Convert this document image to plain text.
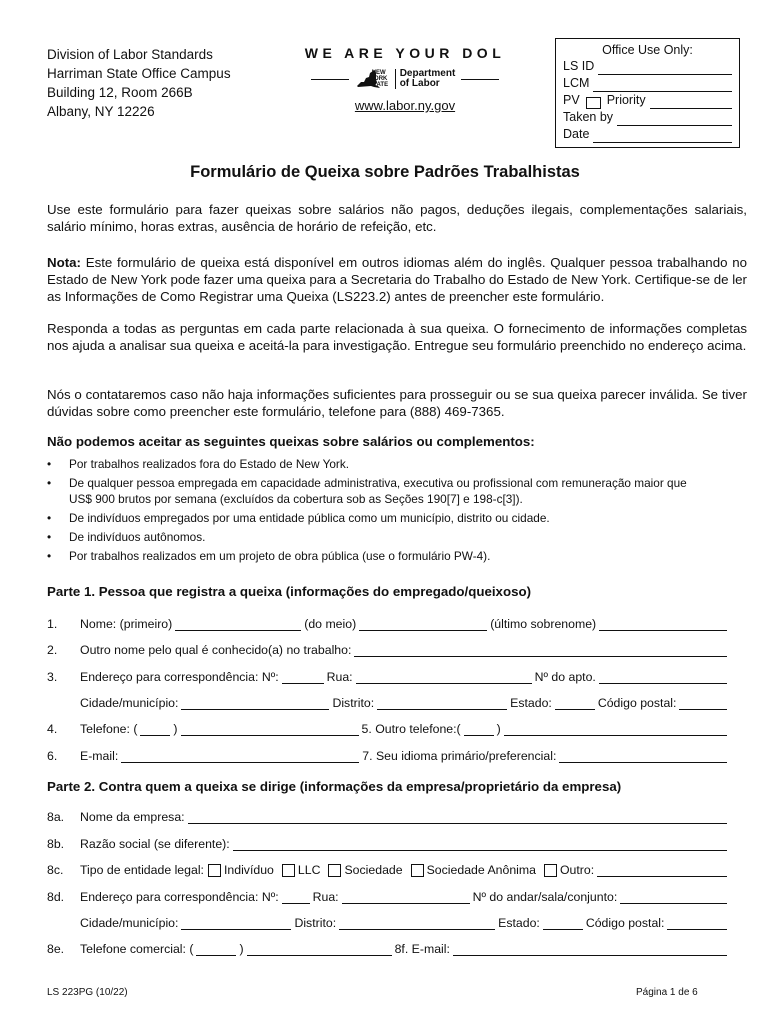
Division of Labor Standards
Harriman State Office Campus
Building 12, Room 266B
Albany, NY 12226
WE ARE YOUR DOL
NEW YORK STATE
Department
of Labor
www.labor.ny.gov
Office Use Only:
LS ID
LCM
PV Priority
Taken by
Date
Formulário de Queixa sobre Padrões Trabalhistas
Use este formulário para fazer queixas sobre salários não pagos, deduções ilegais, complementações salariais, salário mínimo, horas extras, ausência de horário de refeição, etc.
Nota: Este formulário de queixa está disponível em outros idiomas além do inglês. Qualquer pessoa trabalhando no Estado de New York pode fazer uma queixa para a Secretaria do Trabalho do Estado de New York. Certifique-se de ler as Informações de Como Registrar uma Queixa (LS223.2) antes de preencher este formulário.
Responda a todas as perguntas em cada parte relacionada à sua queixa. O fornecimento de informações completas nos ajuda a analisar sua queixa e aceitá-la para investigação. Entregue seu formulário preenchido no endereço acima.
Nós o contataremos caso não haja informações suficientes para prosseguir ou se sua queixa parecer inválida. Se tiver dúvidas sobre como preencher este formulário, telefone para (888) 469-7365.
Não podemos aceitar as seguintes queixas sobre salários ou complementos:
•	Por trabalhos realizados fora do Estado de New York.
•	De qualquer pessoa empregada em capacidade administrativa, executiva ou profissional com remuneração maior que US$ 900 brutos por semana (excluídos da cobertura sob as Seções 190[7] e 198-c[3]).
•	De indivíduos empregados por uma entidade pública como um município, distrito ou cidade.
•	De indivíduos autônomos.
•	Por trabalhos realizados em um projeto de obra pública (use o formulário PW-4).
Parte 1. Pessoa que registra a queixa (informações do empregado/queixoso)
1.	Nome: (primeiro)	(do meio)	(último sobrenome)
2.	Outro nome pelo qual é conhecido(a) no trabalho:
3.	Endereço para correspondência: Nº:	Rua:	Nº do apto.
Cidade/município:	Distrito:	Estado:	Código postal:
4.	Telefone: (	)	5. Outro telefone:(	)
6.	E-mail:	7. Seu idioma primário/preferencial:
Parte 2. Contra quem a queixa se dirige (informações da empresa/proprietário da empresa)
8a.	Nome da empresa:
8b.	Razão social (se diferente):
8c.	Tipo de entidade legal: Indivíduo LLC Sociedade Sociedade Anônima Outro:
8d.	Endereço para correspondência: Nº:	Rua:	Nº do andar/sala/conjunto:
Cidade/município:	Distrito:	Estado:	Código postal:
8e.	Telefone comercial: (	)	8f. E-mail:
LS 223PG (10/22)	Página 1 de 6
